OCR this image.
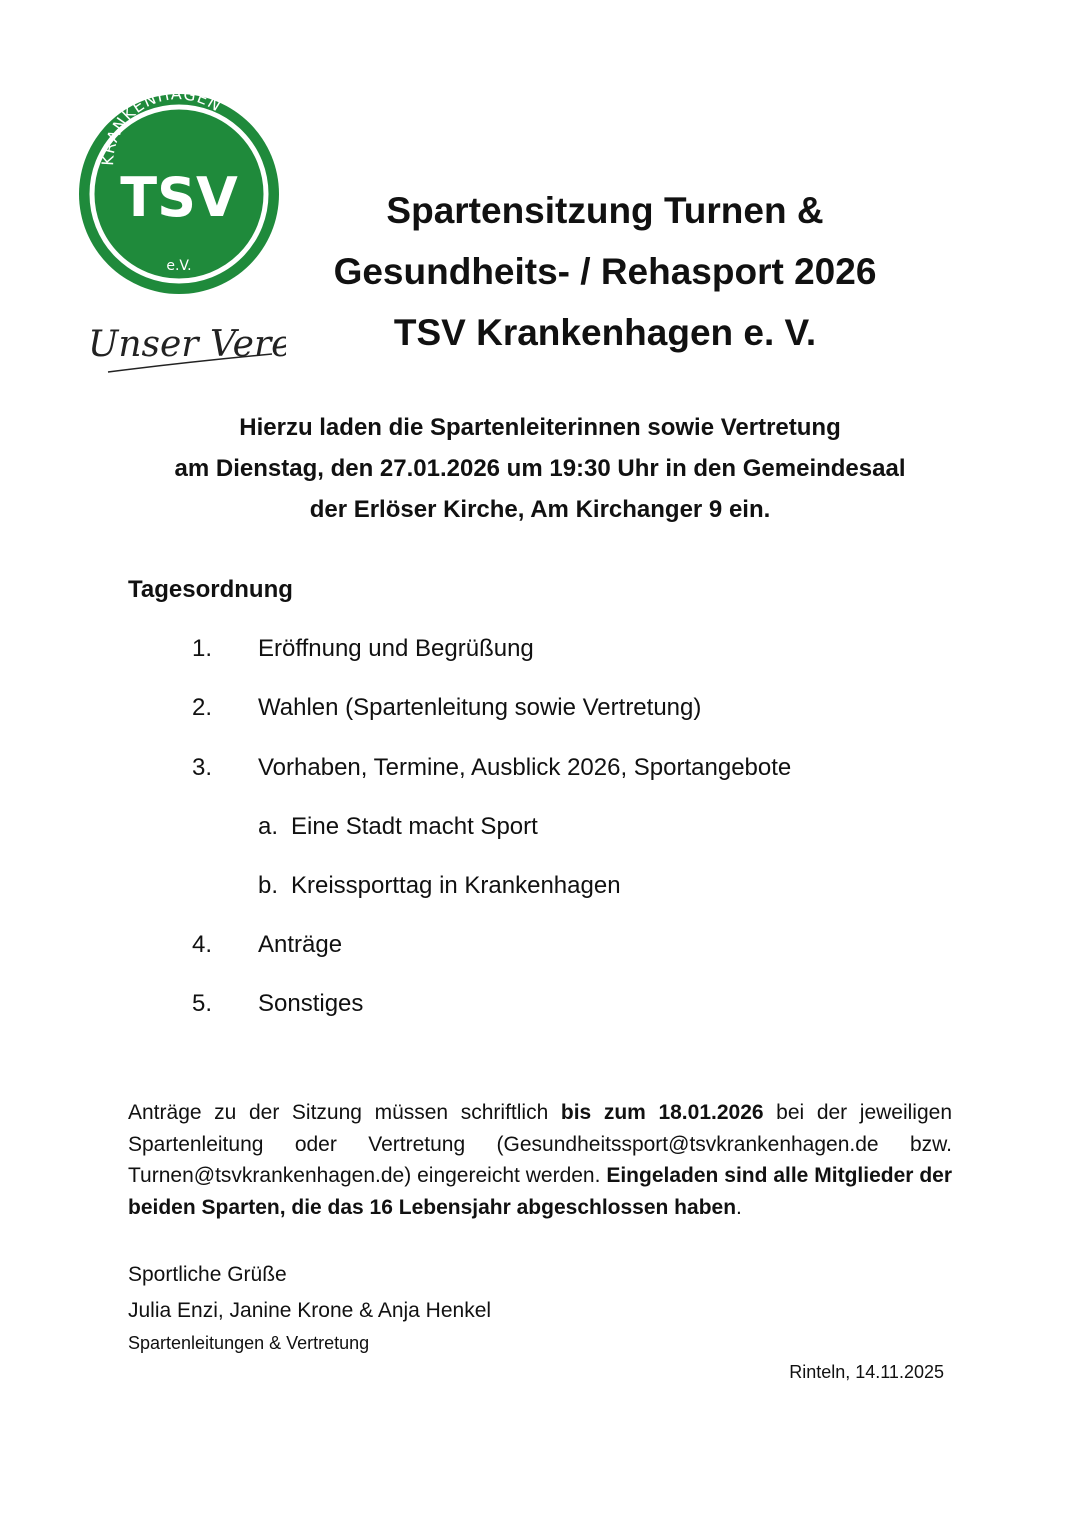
KRANKENH GEN
TSV
e.V.
Unser Ver
Spartensitzung Turnen &
Gesundheits- / Rehasport 2026
TSV Krankenhagen e. V.
Hierzu laden die Spartenleiterinnen sowie Vertretung
am Dienstag, den 27.01.2026 um 19:30 Uhr in den Gemeindesaal
der Erlöser Kirche, Am Kirchanger 9 ein.
Tagesordnung
1. Eröffnung und Begrüßung
2. Wahlen (Spartenleitung sowie Vertretung)
3. Vorhaben, Termine, Ausblick 2026, Sportangebote
a. Eine Stadt macht Sport
b. Kreissporttag in Krankenhagen
4. Anträge
5. Sonstiges
Anträge zu der Sitzung müssen schriftlich bis zum 18.01.2026 bei der jeweiligen Spartenleitung oder Vertretung (Gesundheitssport@tsvkrankenhagen.de bzw. Turnen@tsvkrankenhagen.de) eingereicht werden. Eingeladen sind alle Mitglieder der beiden Sparten, die das 16 Lebensjahr abgeschlossen haben.
Sportliche Grüße
Julia Enzi, Janine Krone & Anja Henkel
Spartenleitungen & Vertretung
Rinteln, 14.11.2025
